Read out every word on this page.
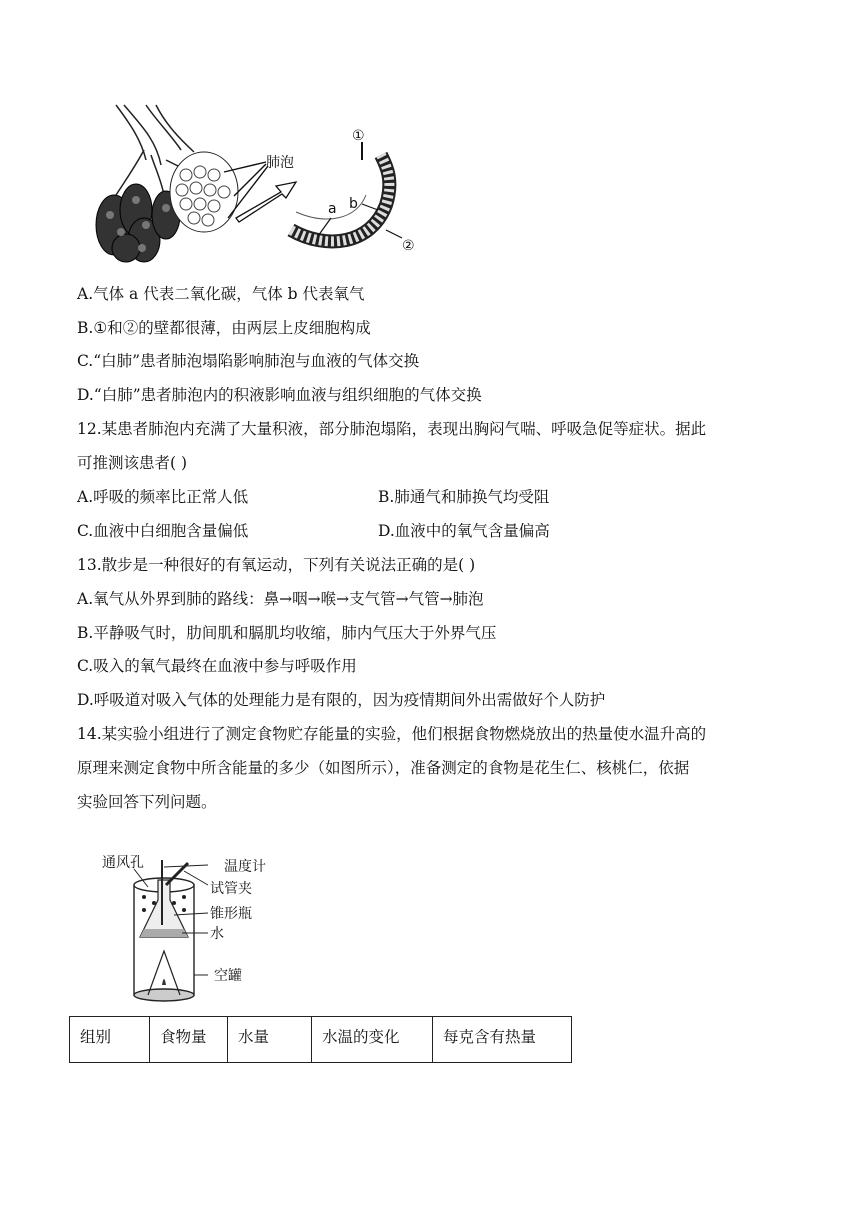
肺泡
①
a b
②
A.气体 a 代表二氧化碳，气体 b 代表氧气
B.①和②的壁都很薄，由两层上皮细胞构成
C.“白肺”患者肺泡塌陷影响肺泡与血液的气体交换
D.“白肺”患者肺泡内的积液影响血液与组织细胞的气体交换
12.某患者肺泡内充满了大量积液，部分肺泡塌陷，表现出胸闷气喘、呼吸急促等症状。据此
可推测该患者( )
A.呼吸的频率比正常人低	B.肺通气和肺换气均受阻
C.血液中白细胞含量偏低	D.血液中的氧气含量偏高
13.散步是一种很好的有氧运动，下列有关说法正确的是( )
A.氧气从外界到肺的路线：鼻→咽→喉→支气管→气管→肺泡
B.平静吸气时，肋间肌和膈肌均收缩，肺内气压大于外界气压
C.吸入的氧气最终在血液中参与呼吸作用
D.呼吸道对吸入气体的处理能力是有限的，因为疫情期间外出需做好个人防护
14.某实验小组进行了测定食物贮存能量的实验，他们根据食物燃烧放出的热量使水温升高的
原理来测定食物中所含能量的多少（如图所示），准备测定的食物是花生仁、核桃仁，依据
实验回答下列问题。
通风孔	温度计
试管夹
锥形瓶
水
空罐
组别	食物量	水量	水温的变化	每克含有热量
